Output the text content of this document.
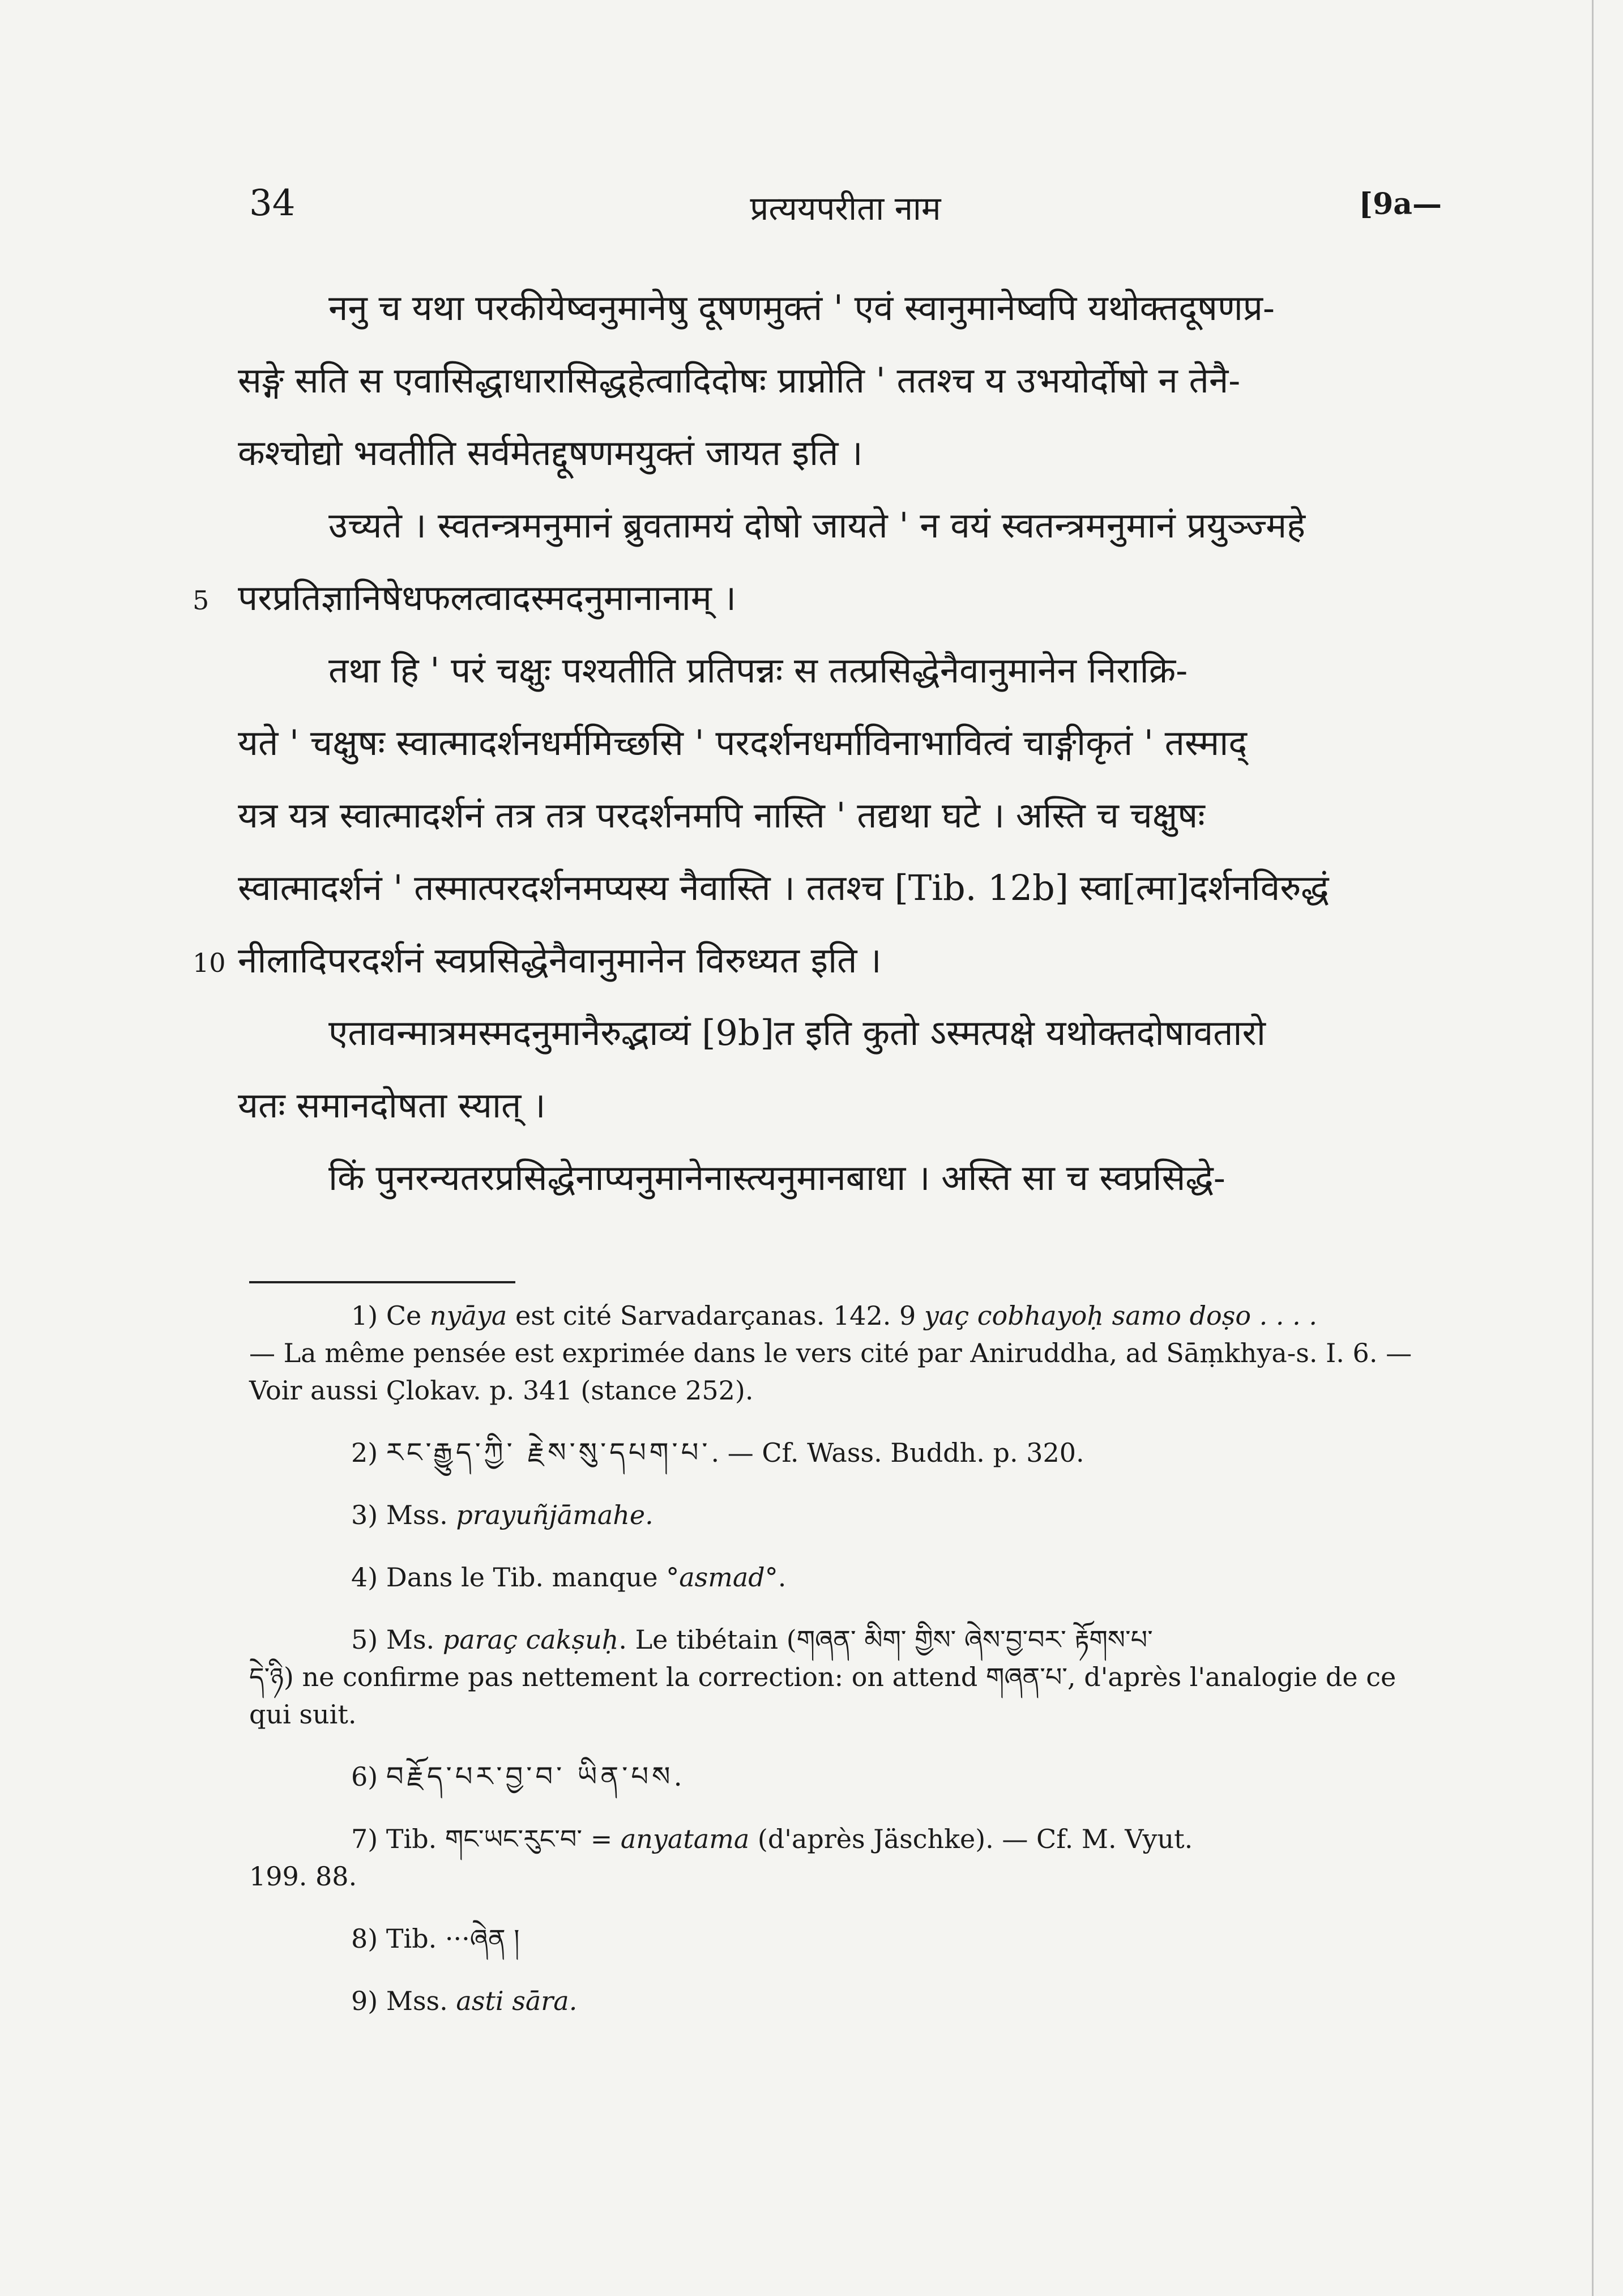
34	प्रत्ययपरीता नाम	[9a—
ननु च यथा परकीयेष्वनुमानेषु दूषणमुक्तं ' एवं स्वानुमानेष्वपि यथोक्तदूषणप्र-
सङ्गे सति स एवासिद्धाधारासिद्धहेत्वादिदोषः प्राप्नोति ' ततश्च य उभयोर्दोषो न तेनै-
कश्चोद्यो भवतीति सर्वमेतद्दूषणमयुक्तं जायत इति ।
उच्यते । स्वतन्त्रमनुमानं ब्रुवतामयं दोषो जायते ' न वयं स्वतन्त्रमनुमानं प्रयुञ्ज्महे
5 परप्रतिज्ञानिषेधफलत्वादस्मदनुमानानाम् ।
तथा हि ' परं चक्षुः पश्यतीति प्रतिपन्नः स तत्प्रसिद्धेनैवानुमानेन निराक्रि-
यते ' चक्षुषः स्वात्मादर्शनधर्ममिच्छसि ' परदर्शनधर्माविनाभावित्वं चाङ्गीकृतं ' तस्माद्
यत्र यत्र स्वात्मादर्शनं तत्र तत्र परदर्शनमपि नास्ति ' तद्यथा घटे । अस्ति च चक्षुषः
स्वात्मादर्शनं ' तस्मात्परदर्शनमप्यस्य नैवास्ति । ततश्च [Tib. 12b] स्वा[त्मा]दर्शनविरुद्धं
10 नीलादिपरदर्शनं स्वप्रसिद्धेनैवानुमानेन विरुध्यत इति ।
एतावन्मात्रमस्मदनुमानैरुद्भाव्यं [9b]त इति कुतो ऽस्मत्पक्षे यथोक्तदोषावतारो
यतः समानदोषता स्यात् ।
किं पुनरन्यतरप्रसिद्धेनाप्यनुमानेनास्त्यनुमानबाधा । अस्ति सा च स्वप्रसिद्धे-
1) Ce nyāya est cité Sarvadarçanas. 142. 9 yaç cobhayoḥ samo doṣo . . . .
— La même pensée est exprimée dans le vers cité par Aniruddha, ad Sāṃkhya-s. I. 6. — Voir aussi Çlokav. p. 341 (stance 252).
2) རང་རྒྱུད་ཀྱི་ རྗེས་སུ་དཔག་པ་. — Cf. Wass. Buddh. p. 320.
3) Mss. prayuñjāmahe.
4) Dans le Tib. manque °asmad°.
5) Ms. paraç cakṣuḥ. Le tibétain (གཞན་ མིག་ གྱིས་ ཞེས་བྱ་བར་ རྟོགས་པ་
དེ་ཉི) ne confirme pas nettement la correction: on attend གཞན་པ་, d'après l'analogie de ce qui suit.
6) བརྗོད་པར་བྱ་བ་ ཡིན་པས.
7) Tib. གང་ཡང་རུང་བ་ = anyatama (d'après Jäschke). — Cf. M. Vyut.
199. 88.
8) Tib. ···ཞེན །
9) Mss. asti sāra.
